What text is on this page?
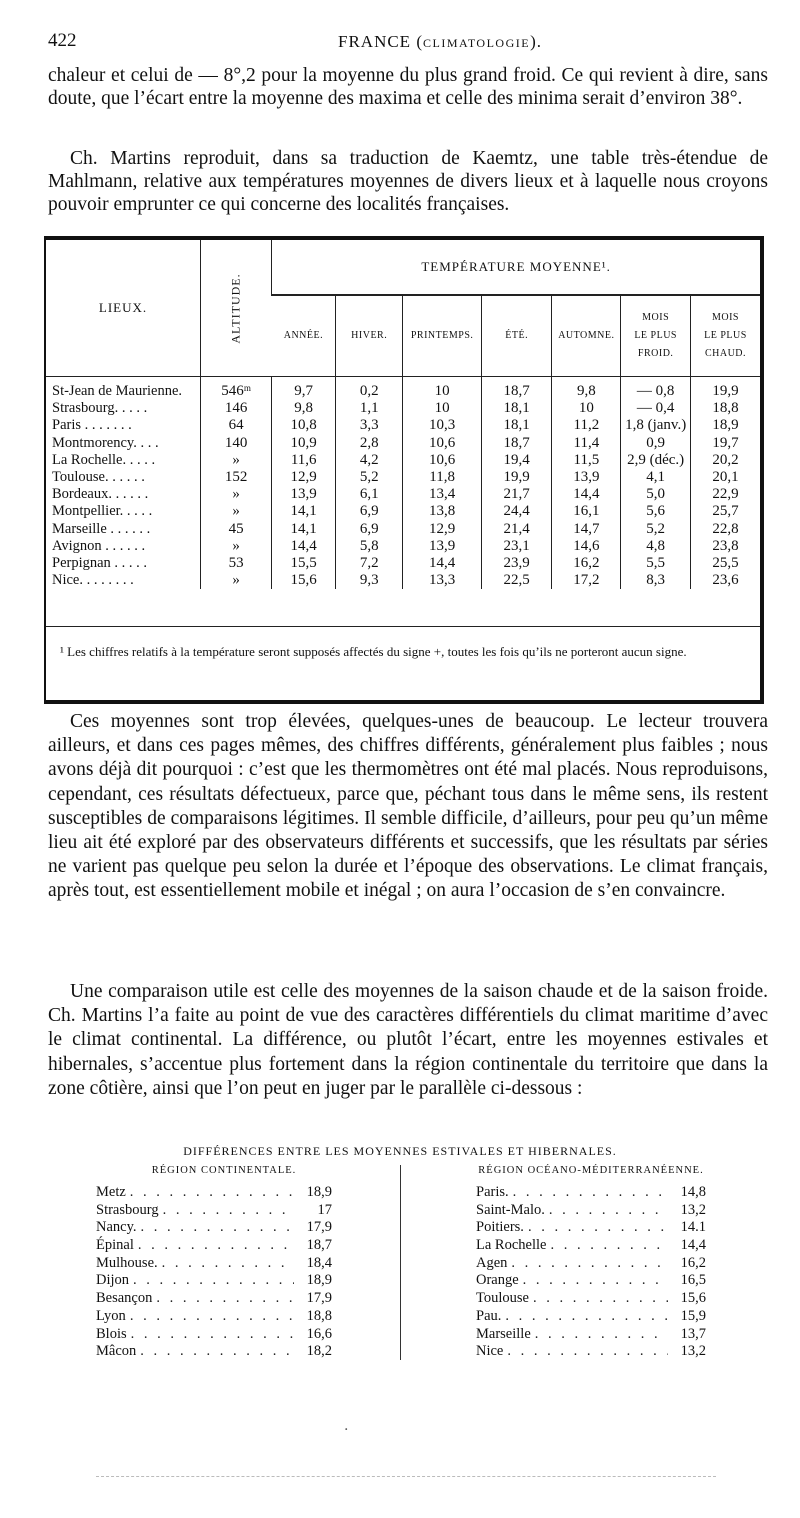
422	FRANCE (CLIMATOLOGIE).

chaleur et celui de — 8°,2 pour la moyenne du plus grand froid. Ce qui revient à dire, sans doute, que l’écart entre la moyenne des maxima et celle des minima serait d’environ 38°.

Ch. Martins reproduit, dans sa traduction de Kaemtz, une table très-étendue de Mahlmann, relative aux températures moyennes de divers lieux et à laquelle nous croyons pouvoir emprunter ce qui concerne des localités françaises.

LIEUX.	ALTITUDE.	TEMPÉRATURE MOYENNE¹.						
		ANNÉE.	HIVER.	PRINTEMPS.	ÉTÉ.	AUTOMNE.	MOIS
LE PLUS
FROID.	MOIS
LE PLUS
CHAUD.
St-Jean de Maurienne.	546ᵐ	9,7	0,2	10	18,7	9,8	— 0,8	19,9
Strasbourg. . . . .	146	9,8	1,1	10	18,1	10	— 0,4	18,8
Paris . . . . . . .	64	10,8	3,3	10,3	18,1	11,2	1,8 (janv.)	18,9
Montmorency. . . .	140	10,9	2,8	10,6	18,7	11,4	0,9	19,7
La Rochelle. . . . .	»	11,6	4,2	10,6	19,4	11,5	2,9 (déc.)	20,2
Toulouse. . . . . .	152	12,9	5,2	11,8	19,9	13,9	4,1	20,1
Bordeaux. . . . . .	»	13,9	6,1	13,4	21,7	14,4	5,0	22,9
Montpellier. . . . .	»	14,1	6,9	13,8	24,4	16,1	5,6	25,7
Marseille . . . . . .	45	14,1	6,9	12,9	21,4	14,7	5,2	22,8
Avignon . . . . . .	»	14,4	5,8	13,9	23,1	14,6	4,8	23,8
Perpignan . . . . .	53	15,5	7,2	14,4	23,9	16,2	5,5	25,5
Nice. . . . . . . .	»	15,6	9,3	13,3	22,5	17,2	8,3	23,6
¹ Les chiffres relatifs à la température seront supposés affectés du signe +, toutes les fois qu’ils ne porteront aucun signe.

Ces moyennes sont trop élevées, quelques-unes de beaucoup. Le lecteur trouvera ailleurs, et dans ces pages mêmes, des chiffres différents, généralement plus faibles ; nous avons déjà dit pourquoi : c’est que les thermomètres ont été mal placés. Nous reproduisons, cependant, ces résultats défectueux, parce que, péchant tous dans le même sens, ils restent susceptibles de comparaisons légitimes. Il semble difficile, d’ailleurs, pour peu qu’un même lieu ait été exploré par des observateurs différents et successifs, que les résultats par séries ne varient pas quelque peu selon la durée et l’époque des observations. Le climat français, après tout, est essentiellement mobile et inégal ; on aura l’occasion de s’en convaincre.

Une comparaison utile est celle des moyennes de la saison chaude et de la saison froide. Ch. Martins l’a faite au point de vue des caractères différentiels du climat maritime d’avec le climat continental. La différence, ou plutôt l’écart, entre les moyennes estivales et hibernales, s’accentue plus fortement dans la région continentale du territoire que dans la zone côtière, ainsi que l’on peut en juger par le parallèle ci-dessous :

DIFFÉRENCES ENTRE LES MOYENNES ESTIVALES ET HIBERNALES.
RÉGION CONTINENTALE.
Metz . . .	18,9
Strasbourg . . .	17
Nancy. . . .	17,9
Épinal . . .	18,7
Mulhouse. . . .	18,4
Dijon . . .	18,9
Besançon . . .	17,9
Lyon . . .	18,8
Blois . . .	16,6
Mâcon . . .	18,2
RÉGION OCÉANO-MÉDITERRANÉENNE.
Paris. . . .	14,8
Saint-Malo. . . .	13,2
Poitiers. . . .	14.1
La Rochelle . . .	14,4
Agen . . .	16,2
Orange . . .	16,5
Toulouse . . .	15,6
Pau. . . .	15,9
Marseille . . .	13,7
Nice . . .	13,2
.
